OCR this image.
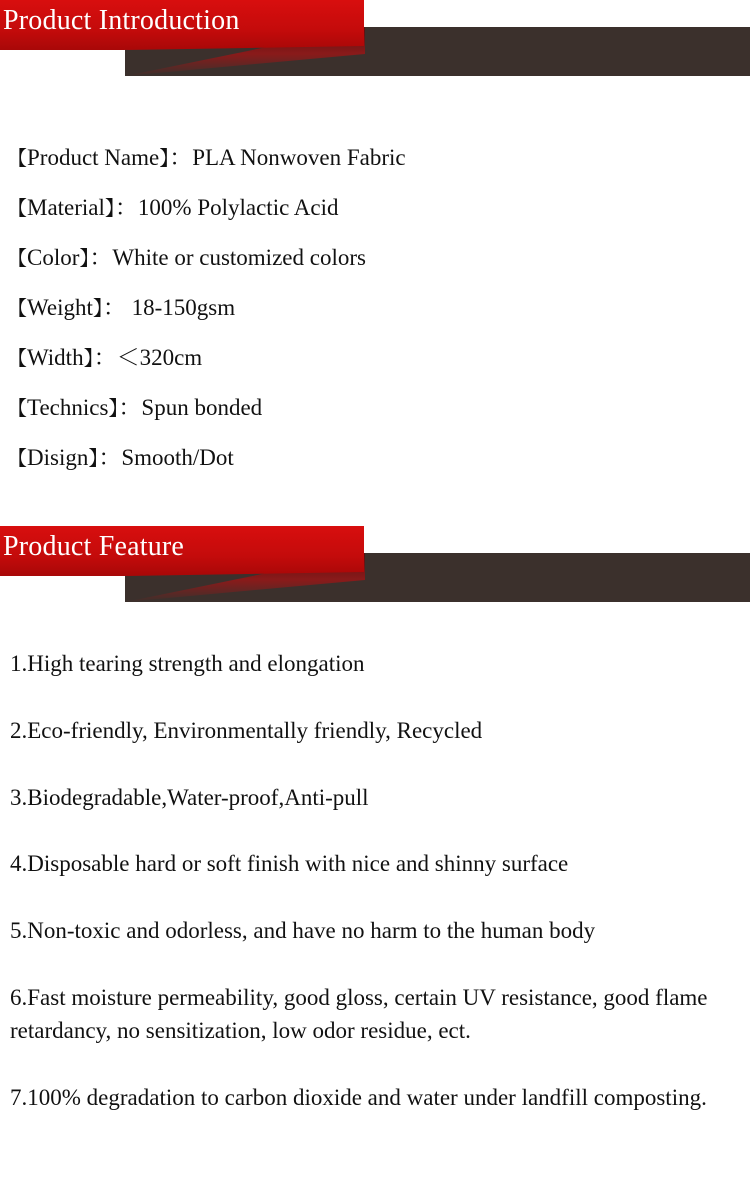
Product Introduction
【Product Name】：PLA Nonwoven Fabric
【Material】：100% Polylactic Acid
【Color】：White or customized colors
【Weight】： 18-150gsm
【Width】：＜320cm
【Technics】：Spun bonded
【Disign】：Smooth/Dot
Product Feature
1.High tearing strength and elongation
2.Eco-friendly, Environmentally friendly, Recycled
3.Biodegradable,Water-proof,Anti-pull
4.Disposable hard or soft finish with nice and shinny surface
5.Non-toxic and odorless, and have no harm to the human body
6.Fast moisture permeability, good gloss, certain UV resistance, good flame retardancy, no sensitization, low odor residue, ect.
7.100% degradation to carbon dioxide and water under landfill composting.
